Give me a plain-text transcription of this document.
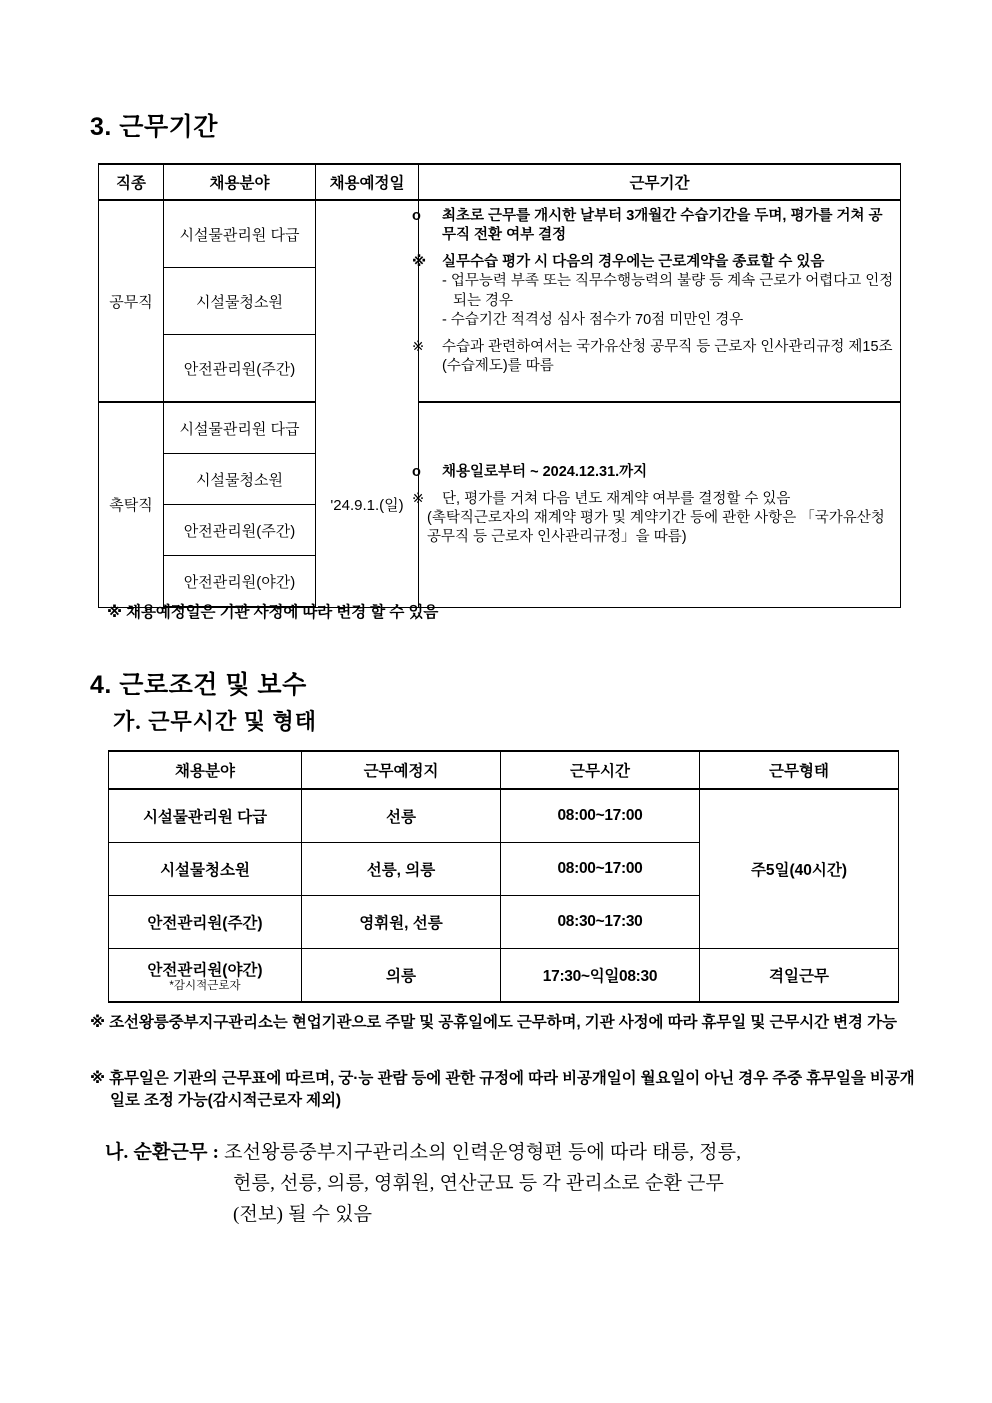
3. 근무기간
직종	채용분야	채용예정일	근무기간
공무직	시설물관리원 다급		o 최초로 근무를 개시한 날부터 3개월간 수습기간을 두며, 평가를 거쳐 공무직 전환 여부 결정
※ 실무수습 평가 시 다음의 경우에는 근로계약을 종료할 수 있음
- 업무능력 부족 또는 직무수행능력의 불량 등 계속 근로가 어렵다고 인정되는 경우
- 수습기간 적격성 심사 점수가 70점 미만인 경우
※ 수습과 관련하여서는 국가유산청 공무직 등 근로자 인사관리규정 제15조(수습제도)를 따름

	시설물청소원		
	안전관리원(주간)		
촉탁직	시설물관리원 다급	'24.9.1.(일)	o 채용일로부터 ~ 2024.12.31.까지
※ 단, 평가를 거쳐 다음 년도 재계약 여부를 결정할 수 있음
(촉탁직근로자의 재계약 평가 및 계약기간 등에 관한 사항은 「국가유산청 공무직 등 근로자 인사관리규정」을 따름)

	시설물청소원		
	안전관리원(주간)		
	안전관리원(야간)		
※ 채용예정일은 기관 사정에 따라 변경 할 수 있음
4. 근로조건 및 보수
가. 근무시간 및 형태
채용분야	근무예정지	근무시간	근무형태
시설물관리원 다급	선릉	08:00~17:00	주5일(40시간)
시설물청소원	선릉, 의릉	08:00~17:00	
안전관리원(주간)	영휘원, 선릉	08:30~17:30	

안전관리원(야간)
*감시적근로자	의릉	17:30~익일08:30	격일근무
※ 조선왕릉중부지구관리소는 현업기관으로 주말 및 공휴일에도 근무하며, 기관 사정에 따라 휴무일 및 근무시간 변경 가능
※ 휴무일은 기관의 근무표에 따르며, 궁·능 관람 등에 관한 규정에 따라 비공개일이 월요일이 아닌 경우 주중 휴무일을 비공개일로 조정 가능(감시적근로자 제외)
나. 순환근무 : 조선왕릉중부지구관리소의 인력운영형편 등에 따라 태릉, 정릉,
헌릉, 선릉, 의릉, 영휘원, 연산군묘 등 각 관리소로 순환 근무
(전보) 될 수 있음
